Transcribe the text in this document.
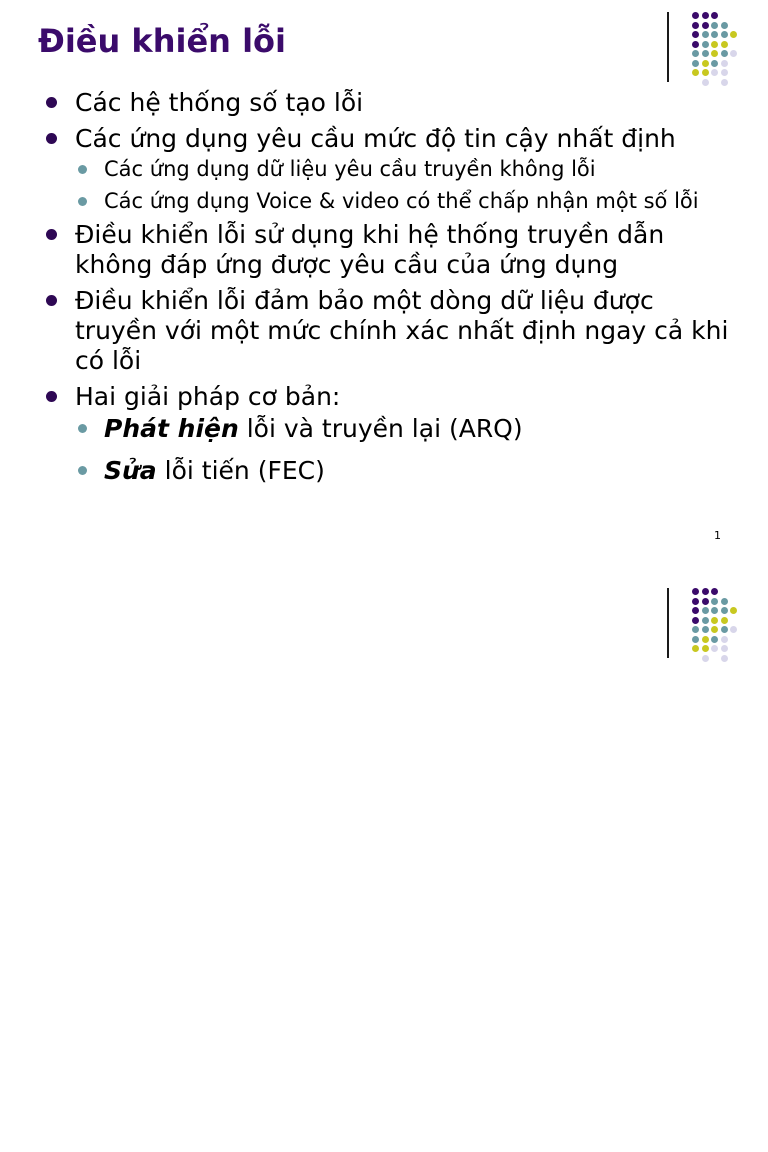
Điều khiển lỗi
Các hệ thống số tạo lỗi
Các ứng dụng yêu cầu mức độ tin cậy nhất định
Các ứng dụng dữ liệu yêu cầu truyền không lỗi
Các ứng dụng Voice & video có thể chấp nhận một số lỗi
Điều khiển lỗi sử dụng khi hệ thống truyền dẫn không đáp ứng được yêu cầu của ứng dụng
Điều khiển lỗi đảm bảo một dòng dữ liệu được truyền với một mức chính xác nhất định ngay cả khi có lỗi
Hai giải pháp cơ bản:
Phát hiện lỗi và truyền lại (ARQ)
Sửa lỗi tiến (FEC)
1
